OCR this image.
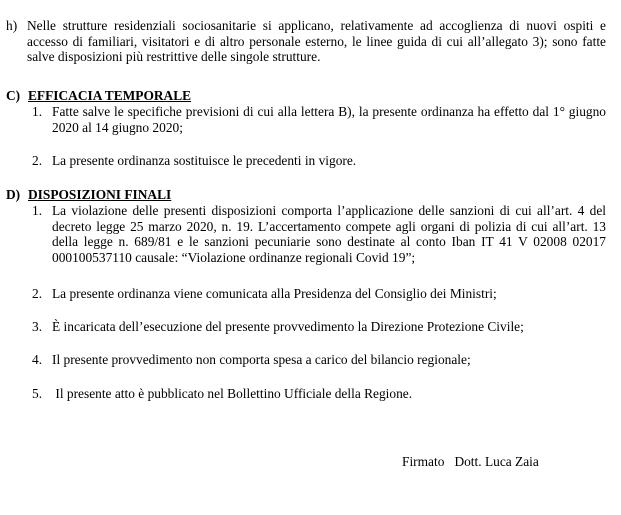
h) Nelle strutture residenziali sociosanitarie si applicano, relativamente ad accoglienza di nuovi ospiti e accesso di familiari, visitatori e di altro personale esterno, le linee guida di cui all’allegato 3); sono fatte salve disposizioni più restrittive delle singole strutture.
C) EFFICACIA TEMPORALE
1. Fatte salve le specifiche previsioni di cui alla lettera B), la presente ordinanza ha effetto dal 1° giugno 2020 al 14 giugno 2020;
2. La presente ordinanza sostituisce le precedenti in vigore.
D) DISPOSIZIONI FINALI
1. La violazione delle presenti disposizioni comporta l’applicazione delle sanzioni di cui all’art. 4 del decreto legge 25 marzo 2020, n. 19. L’accertamento compete agli organi di polizia di cui all’art. 13 della legge n. 689/81 e le sanzioni pecuniarie sono destinate al conto Iban IT 41 V 02008 02017 000100537110 causale: “Violazione ordinanze regionali Covid 19”;
2. La presente ordinanza viene comunicata alla Presidenza del Consiglio dei Ministri;
3. È incaricata dell’esecuzione del presente provvedimento la Direzione Protezione Civile;
4. Il presente provvedimento non comporta spesa a carico del bilancio regionale;
5. Il presente atto è pubblicato nel Bollettino Ufficiale della Regione.
Firmato   Dott. Luca Zaia
